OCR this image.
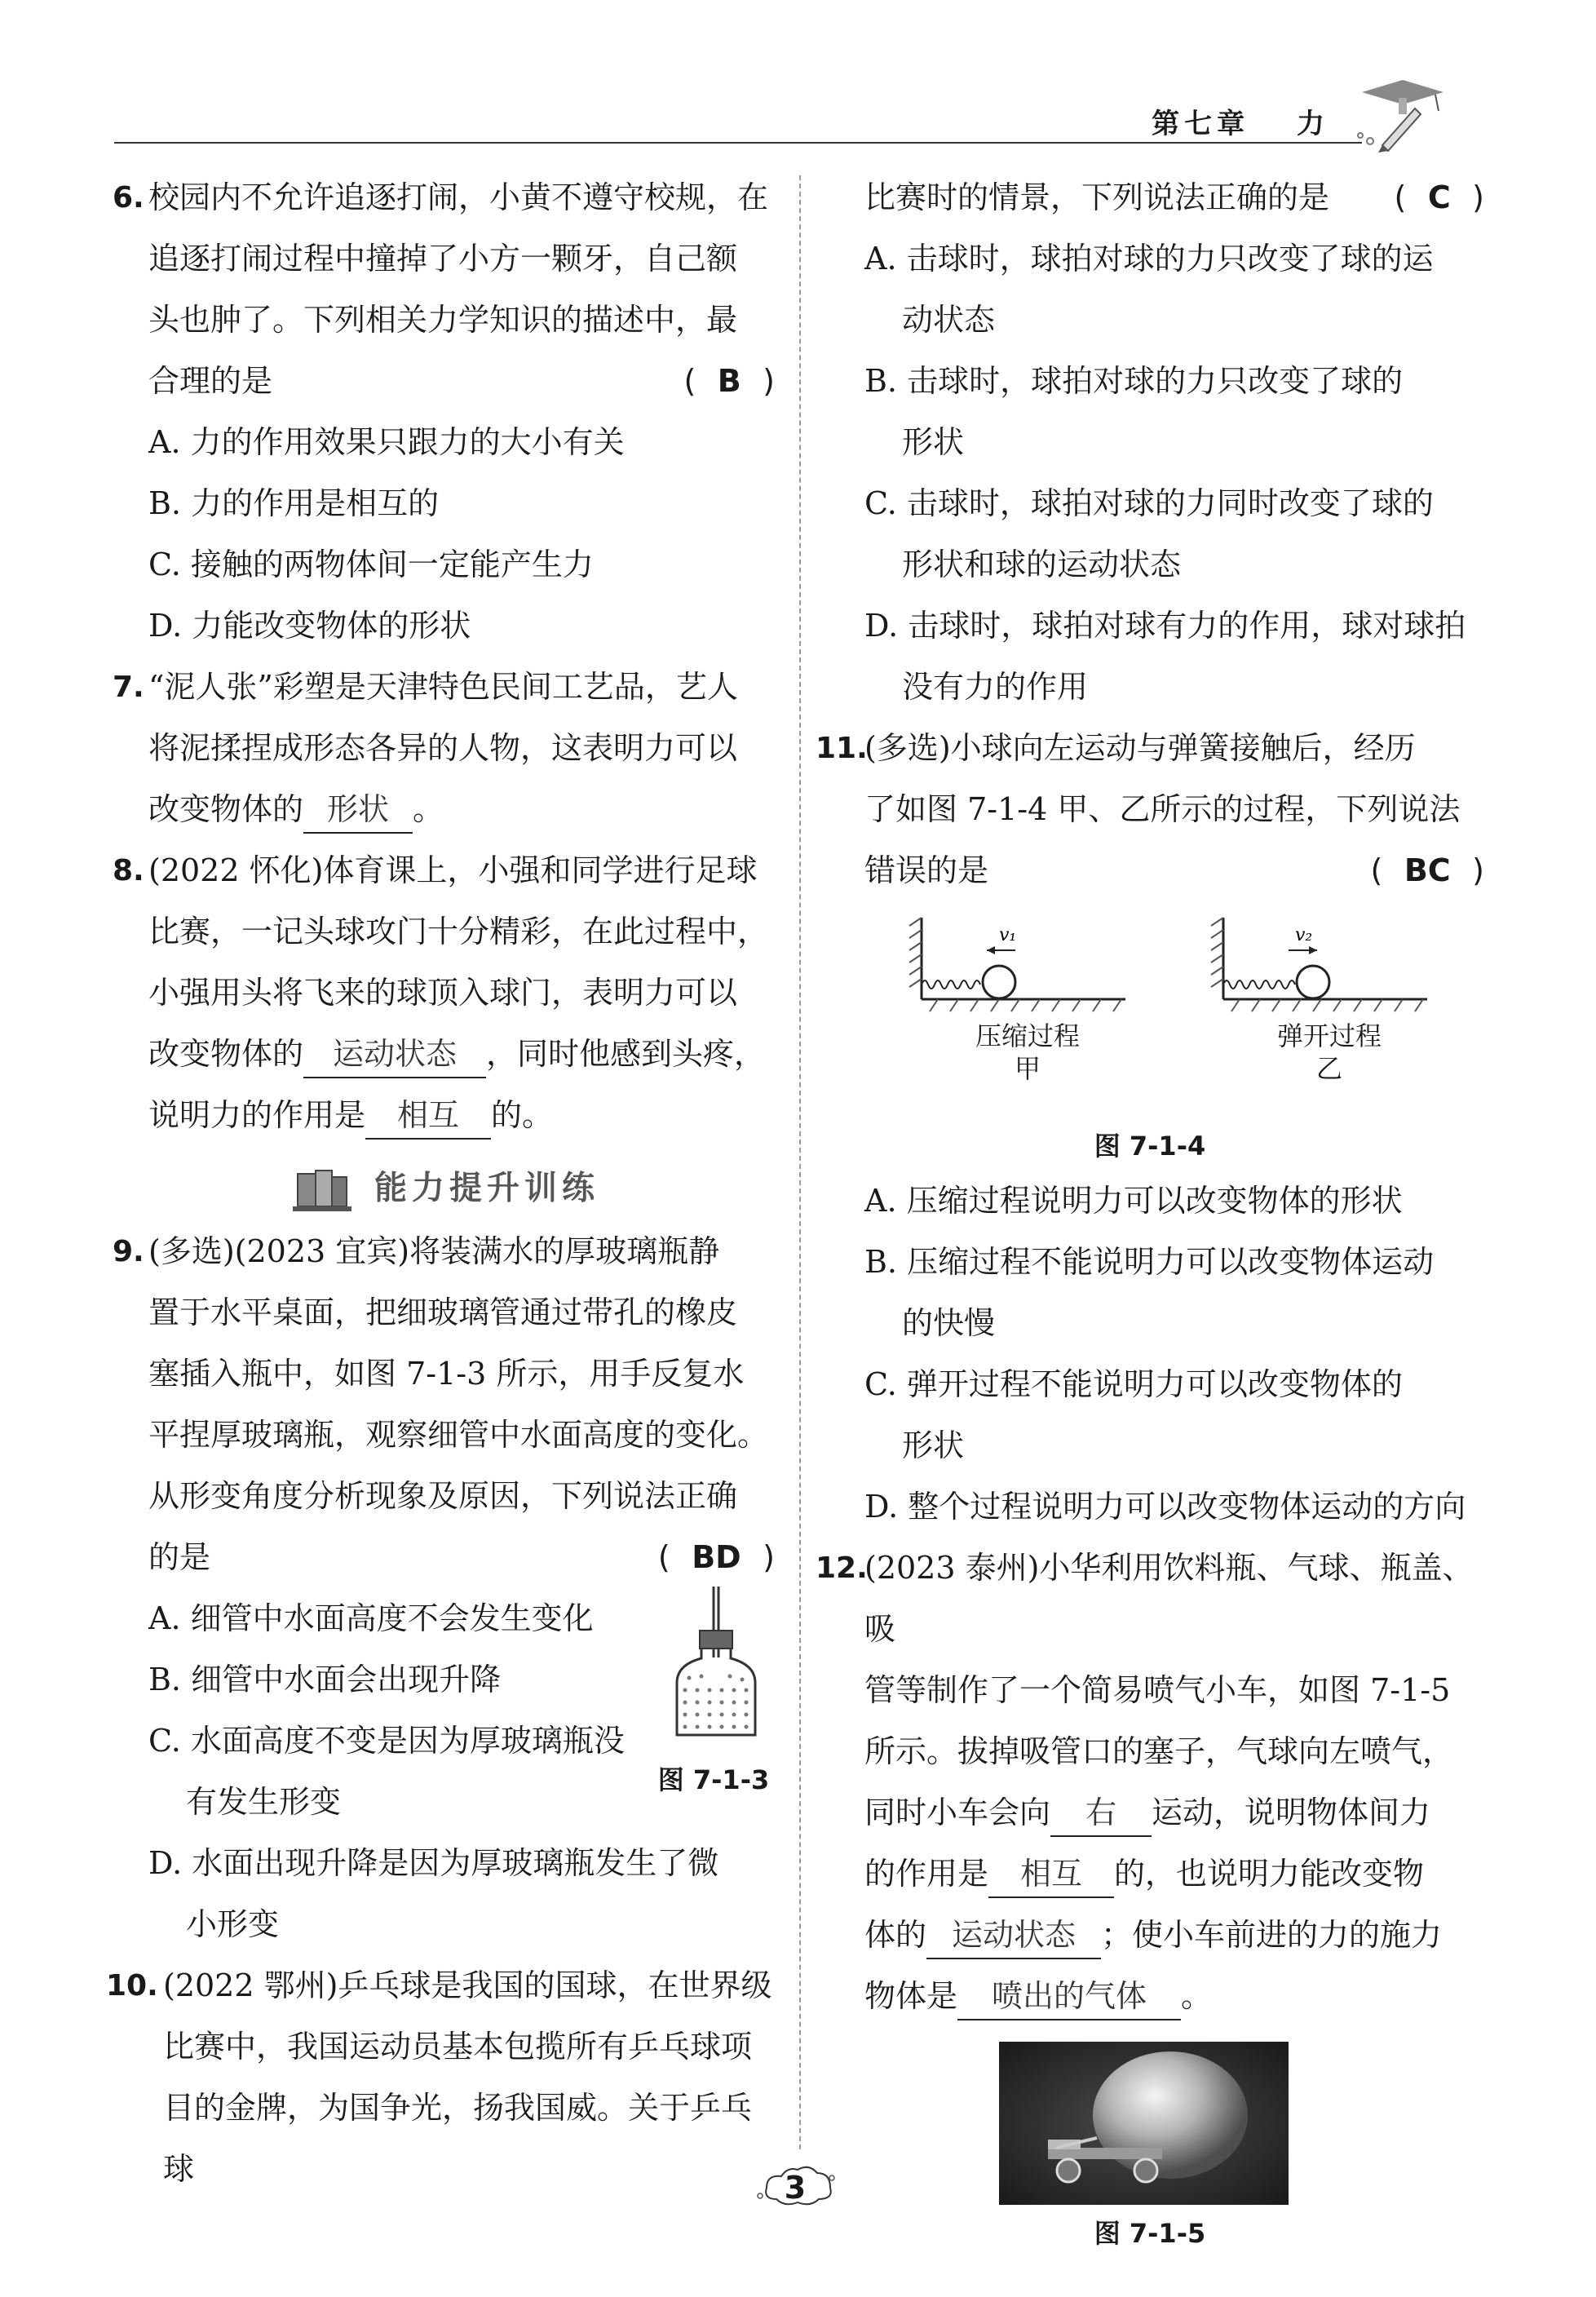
第七章 力
6. 校园内不允许追逐打闹，小黄不遵守校规，在
追逐打闹过程中撞掉了小方一颗牙，自己额
头也肿了。下列相关力学知识的描述中，最
合理的是	( B )
A. 力的作用效果只跟力的大小有关
B. 力的作用是相互的
C. 接触的两物体间一定能产生力
D. 力能改变物体的形状
7. “泥人张”彩塑是天津特色民间工艺品，艺人
将泥揉捏成形态各异的人物，这表明力可以
改变物体的 形状 。
8. (2022 怀化)体育课上，小强和同学进行足球
比赛，一记头球攻门十分精彩，在此过程中，
小强用头将飞来的球顶入球门，表明力可以
改变物体的 运动状态 ，同时他感到头疼，
说明力的作用是 相互 的。
能力提升训练
9. (多选)(2023 宜宾)将装满水的厚玻璃瓶静
置于水平桌面，把细玻璃管通过带孔的橡皮
塞插入瓶中，如图 7-1-3 所示，用手反复水
平捏厚玻璃瓶，观察细管中水面高度的变化。
从形变角度分析现象及原因，下列说法正确
的是	( BD )
A. 细管中水面高度不会发生变化
B. 细管中水面会出现升降
C. 水面高度不变是因为厚玻璃瓶没
有发生形变
D. 水面出现升降是因为厚玻璃瓶发生了微
小形变
图 7-1-3
10. (2022 鄂州)乒乓球是我国的国球，在世界级
比赛中，我国运动员基本包揽所有乒乓球项
目的金牌，为国争光，扬我国威。关于乒乓球
比赛时的情景，下列说法正确的是 ( C )
A. 击球时，球拍对球的力只改变了球的运
动状态
B. 击球时，球拍对球的力只改变了球的
形状
C. 击球时，球拍对球的力同时改变了球的
形状和球的运动状态
D. 击球时，球拍对球有力的作用，球对球拍
没有力的作用
11.
(多选)小球向左运动与弹簧接触后，经历
了如图 7-1-4 甲、乙所示的过程，下列说法
错误的是	( BC )
v₁
压缩过程
甲
v₂
弹开过程
乙
图 7-1-4
A. 压缩过程说明力可以改变物体的形状
B. 压缩过程不能说明力可以改变物体运动
的快慢
C. 弹开过程不能说明力可以改变物体的
形状
D. 整个过程说明力可以改变物体运动的方向
12.
(2023 泰州)小华利用饮料瓶、气球、瓶盖、吸
管等制作了一个简易喷气小车，如图 7-1-5
所示。拔掉吸管口的塞子，气球向左喷气，
同时小车会向 右 运动，说明物体间力
的作用是 相互 的，也说明力能改变物
体的 运动状态 ；使小车前进的力的施力
物体是 喷出的气体 。
图 7-1-5
3
